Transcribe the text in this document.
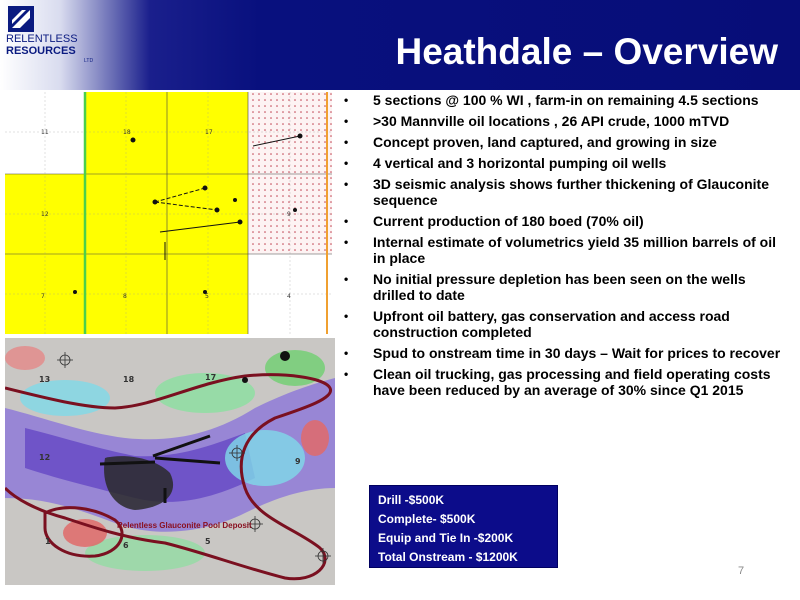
RELENTLESS
RESOURCES
LTD	Heathdale – Overview
11	18	17
12	9
7	8	5	4
13	18	17
12	9
1	6	5
Relentless Glauconite Pool Deposit
• 5 sections @ 100 % WI , farm-in on remaining 4.5 sections
• >30 Mannville oil locations , 26 API crude, 1000 mTVD
• Concept proven, land captured, and growing in size
• 4 vertical and 3 horizontal pumping oil wells
• 3D seismic analysis shows further thickening of Glauconite sequence
• Current production of 180 boed (70% oil)
• Internal estimate of volumetrics yield 35 million barrels of oil in place
• No initial pressure depletion has been seen on the wells drilled to date
• Upfront oil battery, gas conservation and access road construction completed
• Spud to onstream time in 30 days – Wait for prices to recover
• Clean oil trucking, gas processing and field operating costs have been reduced by an average of 30% since Q1 2015
Drill -$500K
Complete- $500K
Equip and Tie In -$200K
Total Onstream - $1200K
7
